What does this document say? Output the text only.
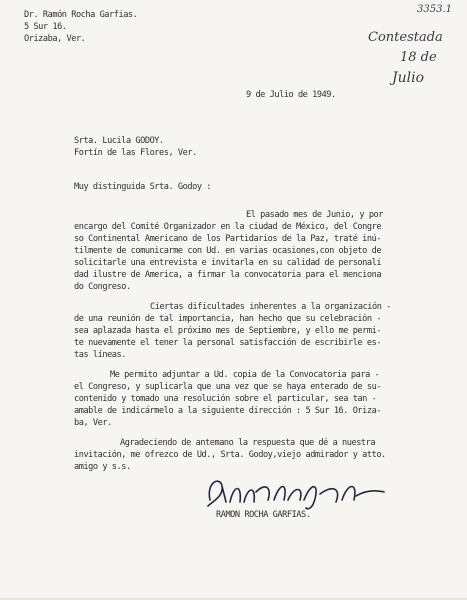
Dr. Ramón Rocha Garfias.
5 Sur 16.
Orizaba, Ver.
3353.1
Contestada
18 de
Julio
9 de Julio de 1949.
Srta. Lucila GODOY.
Fortín de las Flores, Ver.
Muy distinguida Srta. Godoy :
El pasado mes de Junio, y por
encargo del Comité Organizador en la ciudad de México, del Congre
so Continental Americano de los Partidarios de la Paz, traté inú-
tilmente de comunicarme con Ud. en varias ocasiones,con objeto de
solicitarle una entrevista e invitarla en su calidad de personali
dad ilustre de America, a firmar la convocatoria para el menciona
do Congreso.
Ciertas dificultades inherentes a la organización -
de una reunión de tal importancia, han hecho que su celebración -
sea aplazada hasta el próximo mes de Septiembre, y ello me permi-
te nuevamente el tener la personal satisfacción de escribirle es-
tas líneas.
Me permito adjuntar a Ud. copia de la Convocatoria para -
el Congreso, y suplicarla que una vez que se haya enterado de su-
contenido y tomado una resolución sobre el particular, sea tan -
amable de indicármelo a la siguiente dirección : 5 Sur 16. Oriza-
ba, Ver.
Agradeciendo de antemano la respuesta que dé a nuestra
invitación, me ofrezco de Ud., Srta. Godoy,viejo admirador y atto.
amigo y s.s.
RAMON ROCHA GARFIAS.
